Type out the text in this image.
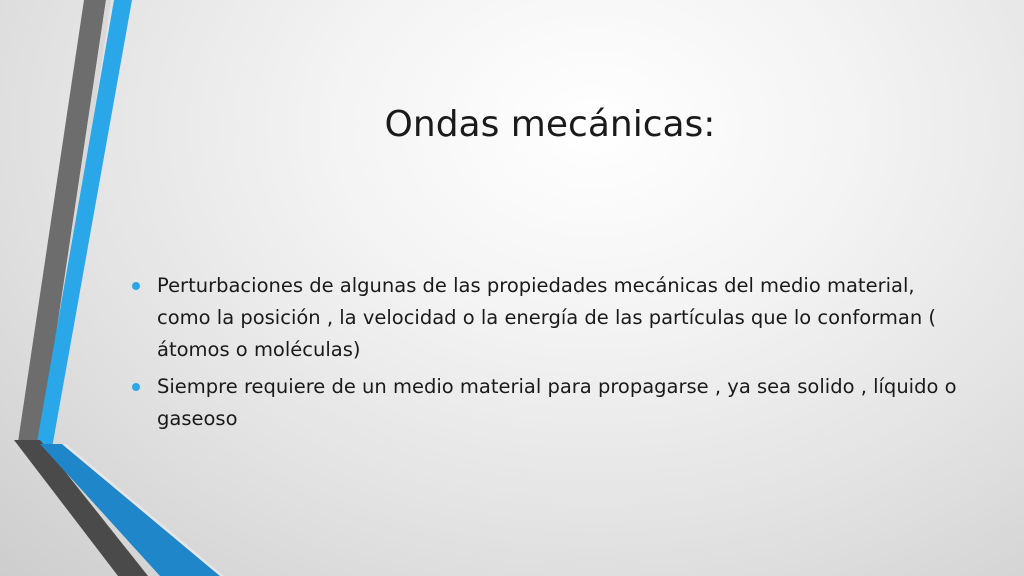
Ondas mecánicas:
Perturbaciones de algunas de las propiedades mecánicas del medio material, como la posición , la velocidad o la energía de las partículas que lo conforman ( átomos o moléculas)
Siempre requiere de un medio material para propagarse , ya sea solido , líquido o gaseoso
